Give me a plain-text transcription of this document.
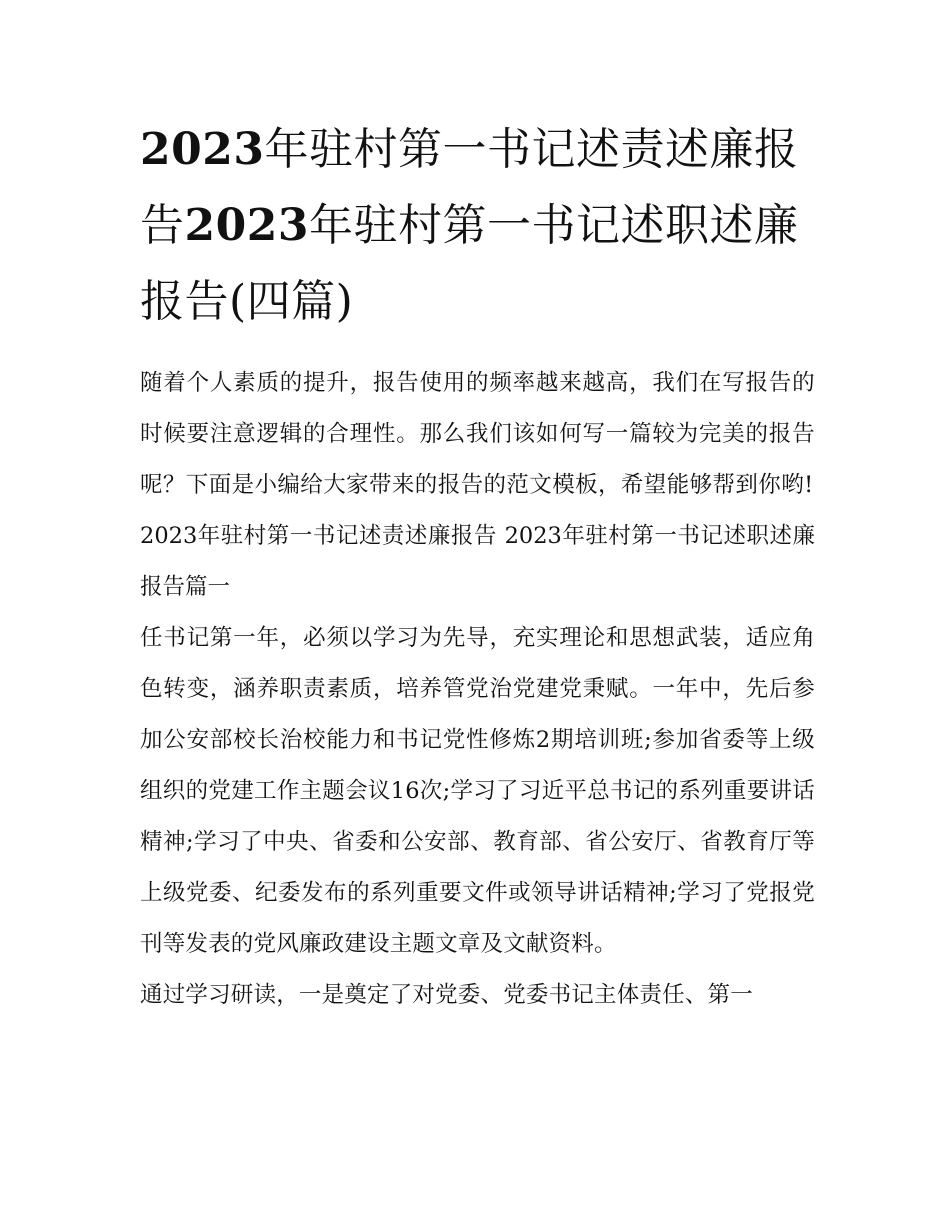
2023年驻村第一书记述责述廉报告2023年驻村第一书记述职述廉报告(四篇)

随着个人素质的提升，报告使用的频率越来越高，我们在写报告的时候要注意逻辑的合理性。那么我们该如何写一篇较为完美的报告呢？下面是小编给大家带来的报告的范文模板，希望能够帮到你哟!

2023年驻村第一书记述责述廉报告 2023年驻村第一书记述职述廉报告篇一

任书记第一年，必须以学习为先导，充实理论和思想武装，适应角色转变，涵养职责素质，培养管党治党建党秉赋。一年中，先后参加公安部校长治校能力和书记党性修炼2期培训班;参加省委等上级组织的党建工作主题会议16次;学习了习近平总书记的系列重要讲话精神;学习了中央、省委和公安部、教育部、省公安厅、省教育厅等上级党委、纪委发布的系列重要文件或领导讲话精神;学习了党报党刊等发表的党风廉政建设主题文章及文献资料。

通过学习研读，一是奠定了对党委、党委书记主体责任、第一
